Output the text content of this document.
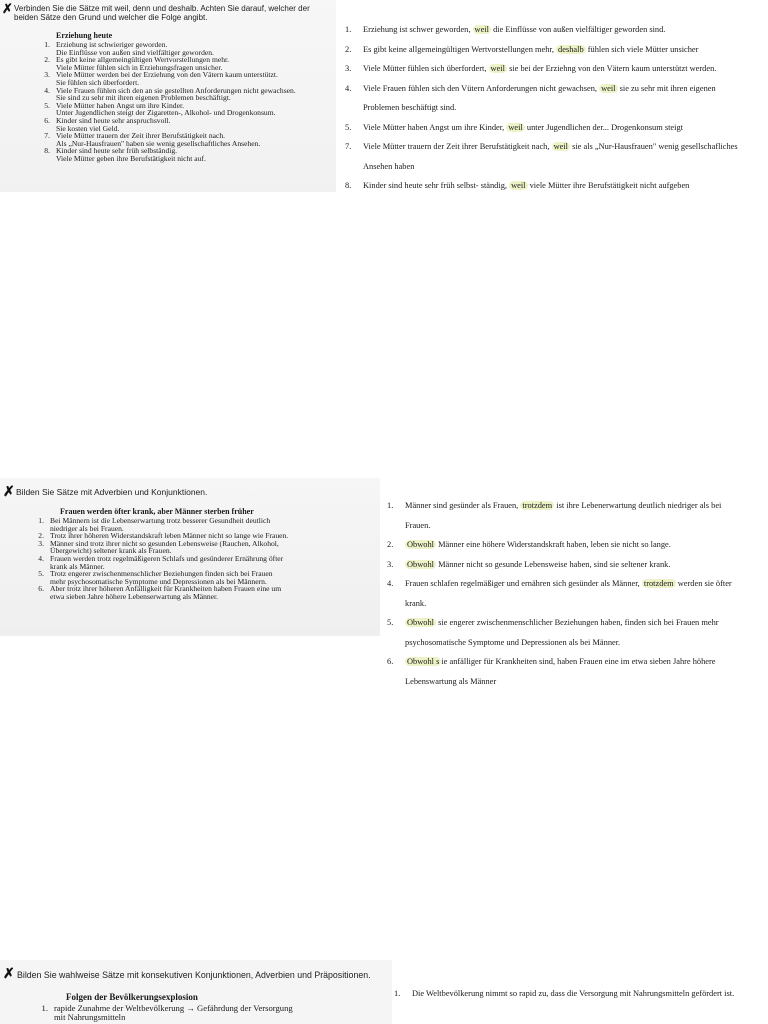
✗ Verbinden Sie die Sätze mit weil, denn und deshalb. Achten Sie darauf, welcher der beiden Sätze den Grund und welcher die Folge angibt.
Erziehung heute
1. Erziehung ist schwieriger geworden.
Die Einflüsse von außen sind vielfältiger geworden.
2. Es gibt keine allgemeingültigen Wertvorstellungen mehr.
Viele Mütter fühlen sich in Erziehungsfragen unsicher.
3. Viele Mütter werden bei der Erziehung von den Vätern kaum unterstützt.
Sie fühlen sich überfordert.
4. Viele Frauen fühlen sich den an sie gestellten Anforderungen nicht gewachsen.
Sie sind zu sehr mit ihren eigenen Problemen beschäftigt.
5. Viele Mütter haben Angst um ihre Kinder.
Unter Jugendlichen steigt der Zigaretten-, Alkohol- und Drogenkonsum.
6. Kinder sind heute sehr anspruchsvoll.
Sie kosten viel Geld.
7. Viele Mütter trauern der Zeit ihrer Berufstätigkeit nach.
Als „Nur-Hausfrauen" haben sie wenig gesellschaftliches Ansehen.
8. Kinder sind heute sehr früh selbständig.
Viele Mütter geben ihre Berufstätigkeit nicht auf.
1.	Erziehung ist schwer geworden, weil die Einflüsse von außen vielfältiger geworden sind.
2.	Es gibt keine allgemeingültigen Wertvorstellungen mehr, deshalb fühlen sich viele Mütter unsicher
3.	Viele Mütter fühlen sich überfordert, weil sie bei der Erziehng von den Vätern kaum unterstützt werden.
4.	Viele Frauen fühlen sich den Vütern Anforderungen nicht gewachsen, weil sie zu sehr mit ihren eigenen Problemen beschäftigt sind.
5.	Viele Mütter haben Angst um ihre Kinder, weil unter Jugendlichen der... Drogenkonsum steigt
7.	Viele Mütter trauern der Zeit ihrer Berufstätigkeit nach, weil sie als „Nur-Hausfrauen" wenig gesellschafliches Ansehen haben
8.	Kinder sind heute sehr früh selbst- ständig, weil viele Mütter ihre Berufstätigkeit nicht aufgeben
✗ Bilden Sie Sätze mit Adverbien und Konjunktionen.
Frauen werden öfter krank, aber Männer sterben früher
1. Bei Männern ist die Lebenserwartung trotz besserer Gesundheit deutlich
niedriger als bei Frauen.
2. Trotz ihrer höheren Widerstandskraft leben Männer nicht so lange wie Frauen.
3. Männer sind trotz ihrer nicht so gesunden Lebensweise (Rauchen, Alkohol,
Übergewicht) seltener krank als Frauen.
4. Frauen werden trotz regelmäßigeren Schlafs und gesünderer Ernährung öfter
krank als Männer.
5. Trotz engerer zwischenmenschlicher Beziehungen finden sich bei Frauen
mehr psychosomatische Symptome und Depressionen als bei Männern.
6. Aber trotz ihrer höheren Anfälligkeit für Krankheiten haben Frauen eine um
etwa sieben Jahre höhere Lebenserwartung als Männer.
1.	Männer sind gesünder als Frauen, trotzdem ist ihre Lebenerwartung deutlich niedriger als bei Frauen.
2.	Obwohl Männer eine höhere Widerstandskraft haben, leben sie nicht so lange.
3.	Obwohl Männer nicht so gesunde Lebensweise haben, sind sie seltener krank.
4.	Frauen schlafen regelmäßiger und ernähren sich gesünder als Männer, trotzdem werden sie öfter krank.
5.	Obwohl sie engerer zwischenmenschlicher Beziehungen haben, finden sich bei Frauen mehr psychosomatische Symptome und Depressionen als bei Männer.
6.	Obwohl s ie anfälliger für Krankheiten sind, haben Frauen eine im etwa sieben Jahre höhere Lebenswartung als Männer
✗ Bilden Sie wahlweise Sätze mit konsekutiven Konjunktionen, Adverbien und Präpositionen.
Folgen der Bevölkerungsexplosion
1. rapide Zunahme der Weltbevölkerung → Gefährdung der Versorgung
mit Nahrungsmitteln
1.	Die Weltbevölkerung nimmt so rapid zu, dass die Versorgung mit Nahrungsmitteln gefördert ist.
